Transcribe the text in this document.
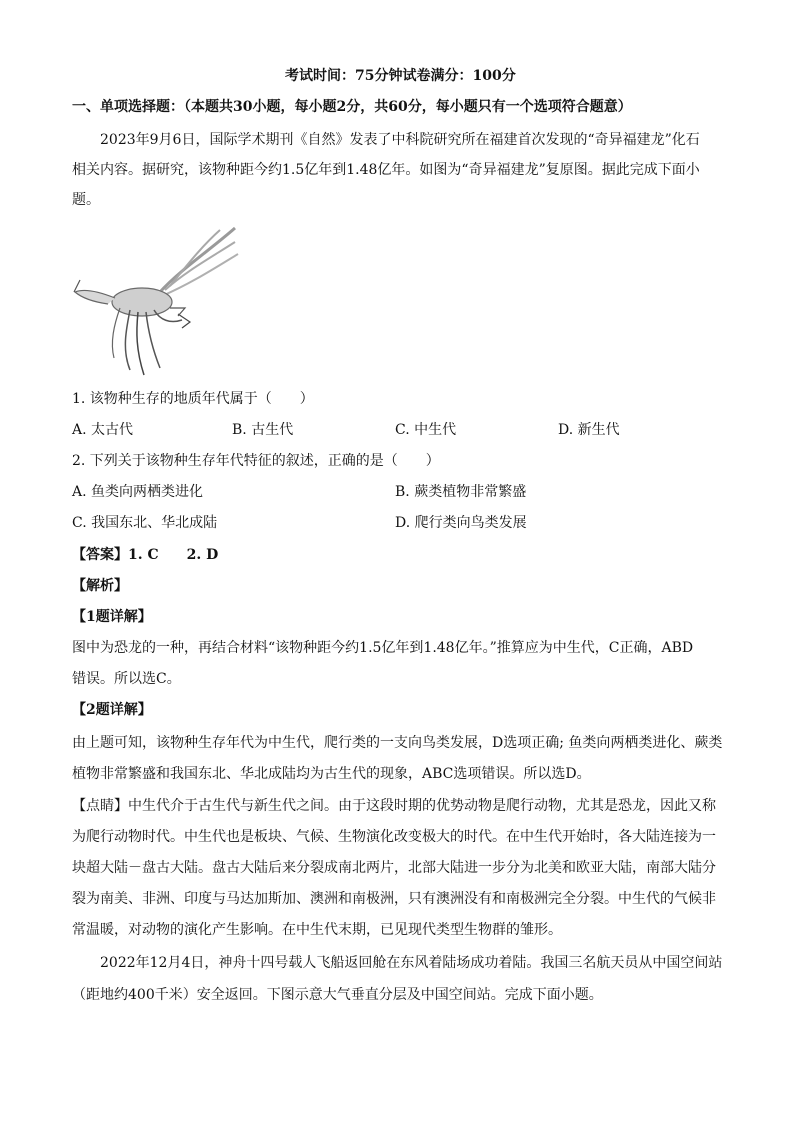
考试时间：75分钟试卷满分：100分
一、单项选择题：（本题共30小题，每小题2分，共60分，每小题只有一个选项符合题意）
2023年9月6日，国际学术期刊《自然》发表了中科院研究所在福建首次发现的“奇异福建龙”化石
相关内容。据研究，该物种距今约1.5亿年到1.48亿年。如图为“奇异福建龙”复原图。据此完成下面小
题。
1. 该物种生存的地质年代属于（　　）
A. 太古代	B. 古生代	C. 中生代	D. 新生代
2. 下列关于该物种生存年代特征的叙述，正确的是（　　）
A. 鱼类向两栖类进化	B. 蕨类植物非常繁盛
C. 我国东北、华北成陆	D. 爬行类向鸟类发展
【答案】1. C　　2. D
【解析】
【1题详解】
图中为恐龙的一种，再结合材料“该物种距今约1.5亿年到1.48亿年。”推算应为中生代，C正确，ABD
错误。所以选C。
【2题详解】
由上题可知，该物种生存年代为中生代，爬行类的一支向鸟类发展，D选项正确; 鱼类向两栖类进化、蕨类
植物非常繁盛和我国东北、华北成陆均为古生代的现象，ABC选项错误。所以选D。
【点睛】中生代介于古生代与新生代之间。由于这段时期的优势动物是爬行动物，尤其是恐龙，因此又称
为爬行动物时代。中生代也是板块、气候、生物演化改变极大的时代。在中生代开始时，各大陆连接为一
块超大陆－盘古大陆。盘古大陆后来分裂成南北两片，北部大陆进一步分为北美和欧亚大陆，南部大陆分
裂为南美、非洲、印度与马达加斯加、澳洲和南极洲，只有澳洲没有和南极洲完全分裂。中生代的气候非
常温暖，对动物的演化产生影响。在中生代末期，已见现代类型生物群的雏形。
2022年12月4日，神舟十四号载人飞船返回舱在东风着陆场成功着陆。我国三名航天员从中国空间站
（距地约400千米）安全返回。下图示意大气垂直分层及中国空间站。完成下面小题。
